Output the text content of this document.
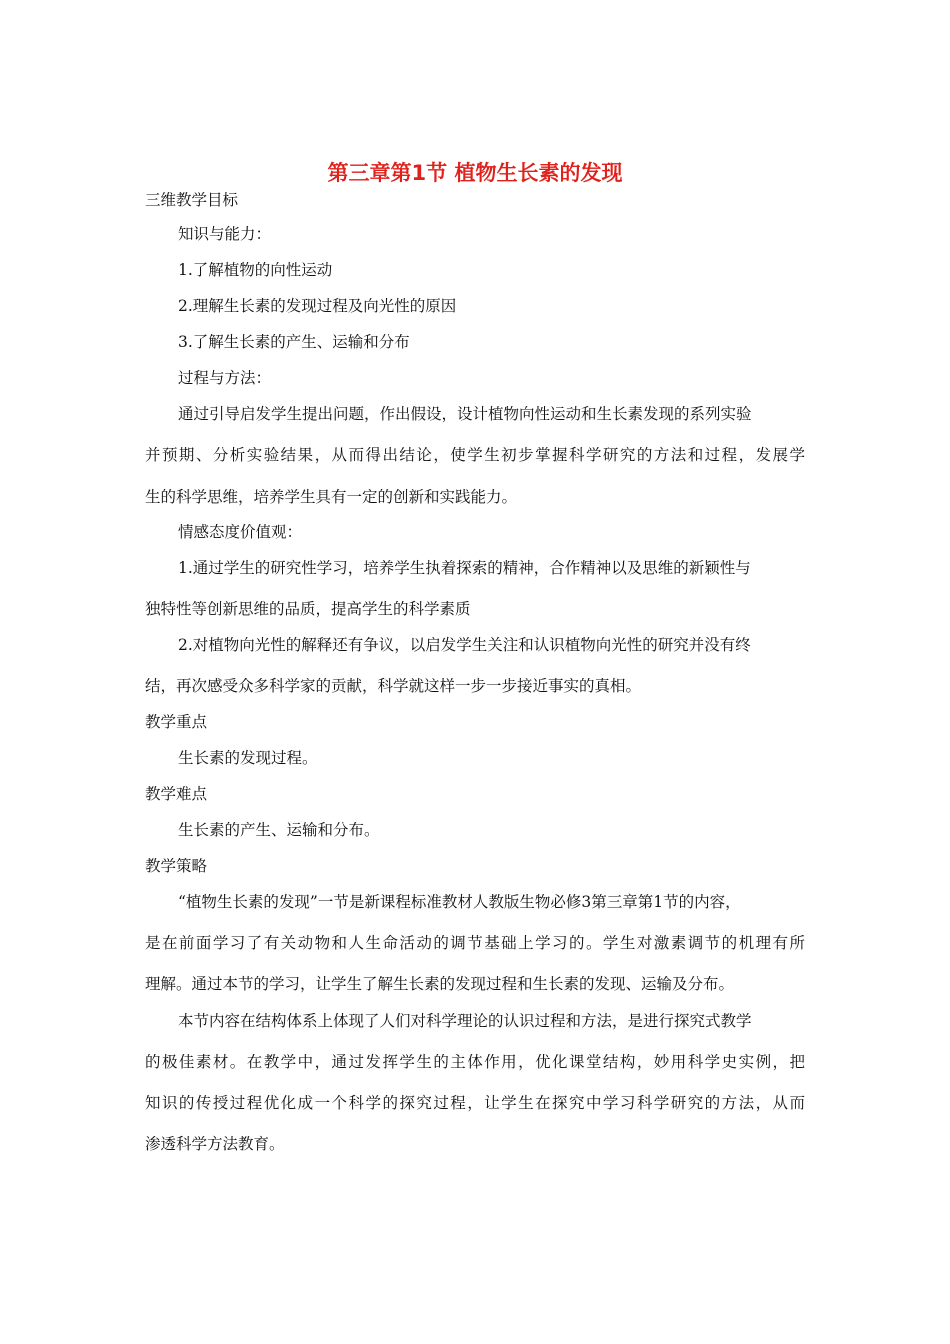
第三章第1节 植物生长素的发现
三维教学目标
知识与能力：
1.了解植物的向性运动
2.理解生长素的发现过程及向光性的原因
3.了解生长素的产生、运输和分布
过程与方法：
通过引导启发学生提出问题，作出假设，设计植物向性运动和生长素发现的系列实验
并预期、分析实验结果，从而得出结论，使学生初步掌握科学研究的方法和过程，发展学
生的科学思维，培养学生具有一定的创新和实践能力。
情感态度价值观：
1.通过学生的研究性学习，培养学生执着探索的精神，合作精神以及思维的新颖性与
独特性等创新思维的品质，提高学生的科学素质
2.对植物向光性的解释还有争议，以启发学生关注和认识植物向光性的研究并没有终
结，再次感受众多科学家的贡献，科学就这样一步一步接近事实的真相。
教学重点
生长素的发现过程。
教学难点
生长素的产生、运输和分布。
教学策略
“植物生长素的发现”一节是新课程标准教材人教版生物必修3第三章第1节的内容，
是在前面学习了有关动物和人生命活动的调节基础上学习的。学生对激素调节的机理有所
理解。通过本节的学习，让学生了解生长素的发现过程和生长素的发现、运输及分布。
本节内容在结构体系上体现了人们对科学理论的认识过程和方法，是进行探究式教学
的极佳素材。在教学中，通过发挥学生的主体作用，优化课堂结构，妙用科学史实例，把
知识的传授过程优化成一个科学的探究过程，让学生在探究中学习科学研究的方法，从而
渗透科学方法教育。
